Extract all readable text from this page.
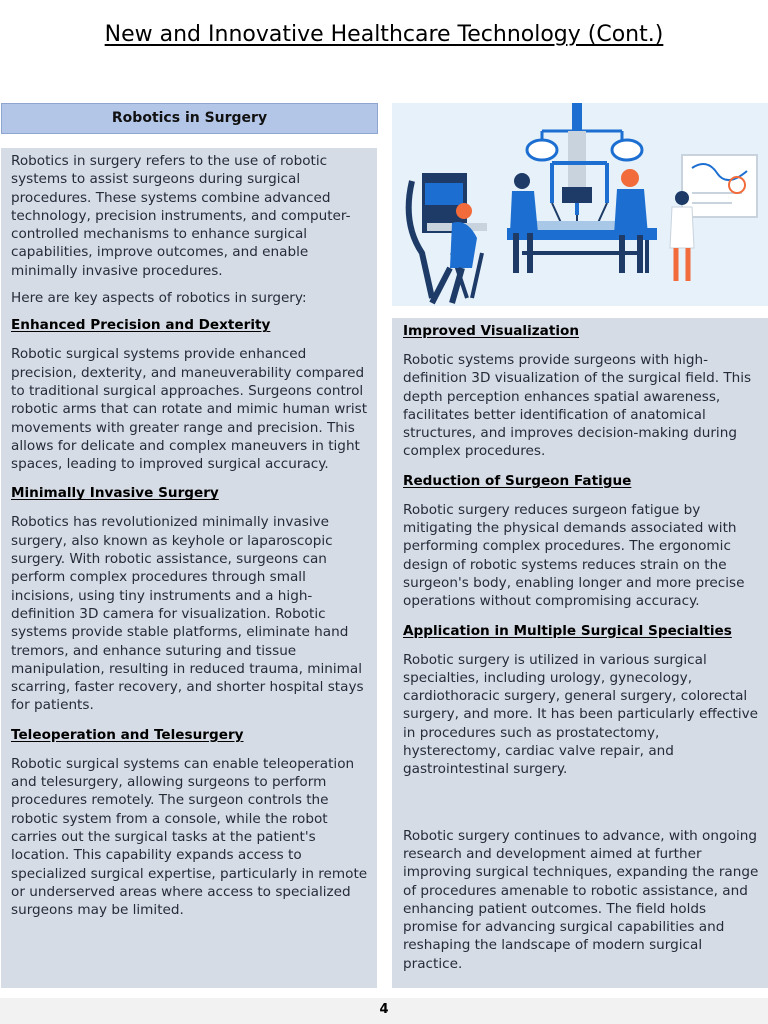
New and Innovative Healthcare Technology (Cont.)
Robotics in Surgery

Robotics in surgery refers to the use of robotic systems to assist surgeons during surgical procedures. These systems combine advanced technology, precision instruments, and computer-controlled mechanisms to enhance surgical capabilities, improve outcomes, and enable minimally invasive procedures.

Here are key aspects of robotics in surgery:

Enhanced Precision and Dexterity

Robotic surgical systems provide enhanced precision, dexterity, and maneuverability compared to traditional surgical approaches. Surgeons control robotic arms that can rotate and mimic human wrist movements with greater range and precision. This allows for delicate and complex maneuvers in tight spaces, leading to improved surgical accuracy.

Minimally Invasive Surgery

Robotics has revolutionized minimally invasive surgery, also known as keyhole or laparoscopic surgery. With robotic assistance, surgeons can perform complex procedures through small incisions, using tiny instruments and a high-definition 3D camera for visualization. Robotic systems provide stable platforms, eliminate hand tremors, and enhance suturing and tissue manipulation, resulting in reduced trauma, minimal scarring, faster recovery, and shorter hospital stays for patients.

Teleoperation and Telesurgery

Robotic surgical systems can enable teleoperation and telesurgery, allowing surgeons to perform procedures remotely. The surgeon controls the robotic system from a console, while the robot carries out the surgical tasks at the patient's location. This capability expands access to specialized surgical expertise, particularly in remote or underserved areas where access to specialized surgeons may be limited.

Improved Visualization

Robotic systems provide surgeons with high-definition 3D visualization of the surgical field. This depth perception enhances spatial awareness, facilitates better identification of anatomical structures, and improves decision-making during complex procedures.

Reduction of Surgeon Fatigue

Robotic surgery reduces surgeon fatigue by mitigating the physical demands associated with performing complex procedures. The ergonomic design of robotic systems reduces strain on the surgeon's body, enabling longer and more precise operations without compromising accuracy.

Application in Multiple Surgical Specialties

Robotic surgery is utilized in various surgical specialties, including urology, gynecology, cardiothoracic surgery, general surgery, colorectal surgery, and more. It has been particularly effective in procedures such as prostatectomy, hysterectomy, cardiac valve repair, and gastrointestinal surgery.

Robotic surgery continues to advance, with ongoing research and development aimed at further improving surgical techniques, expanding the range of procedures amenable to robotic assistance, and enhancing patient outcomes. The field holds promise for advancing surgical capabilities and reshaping the landscape of modern surgical practice.

4
